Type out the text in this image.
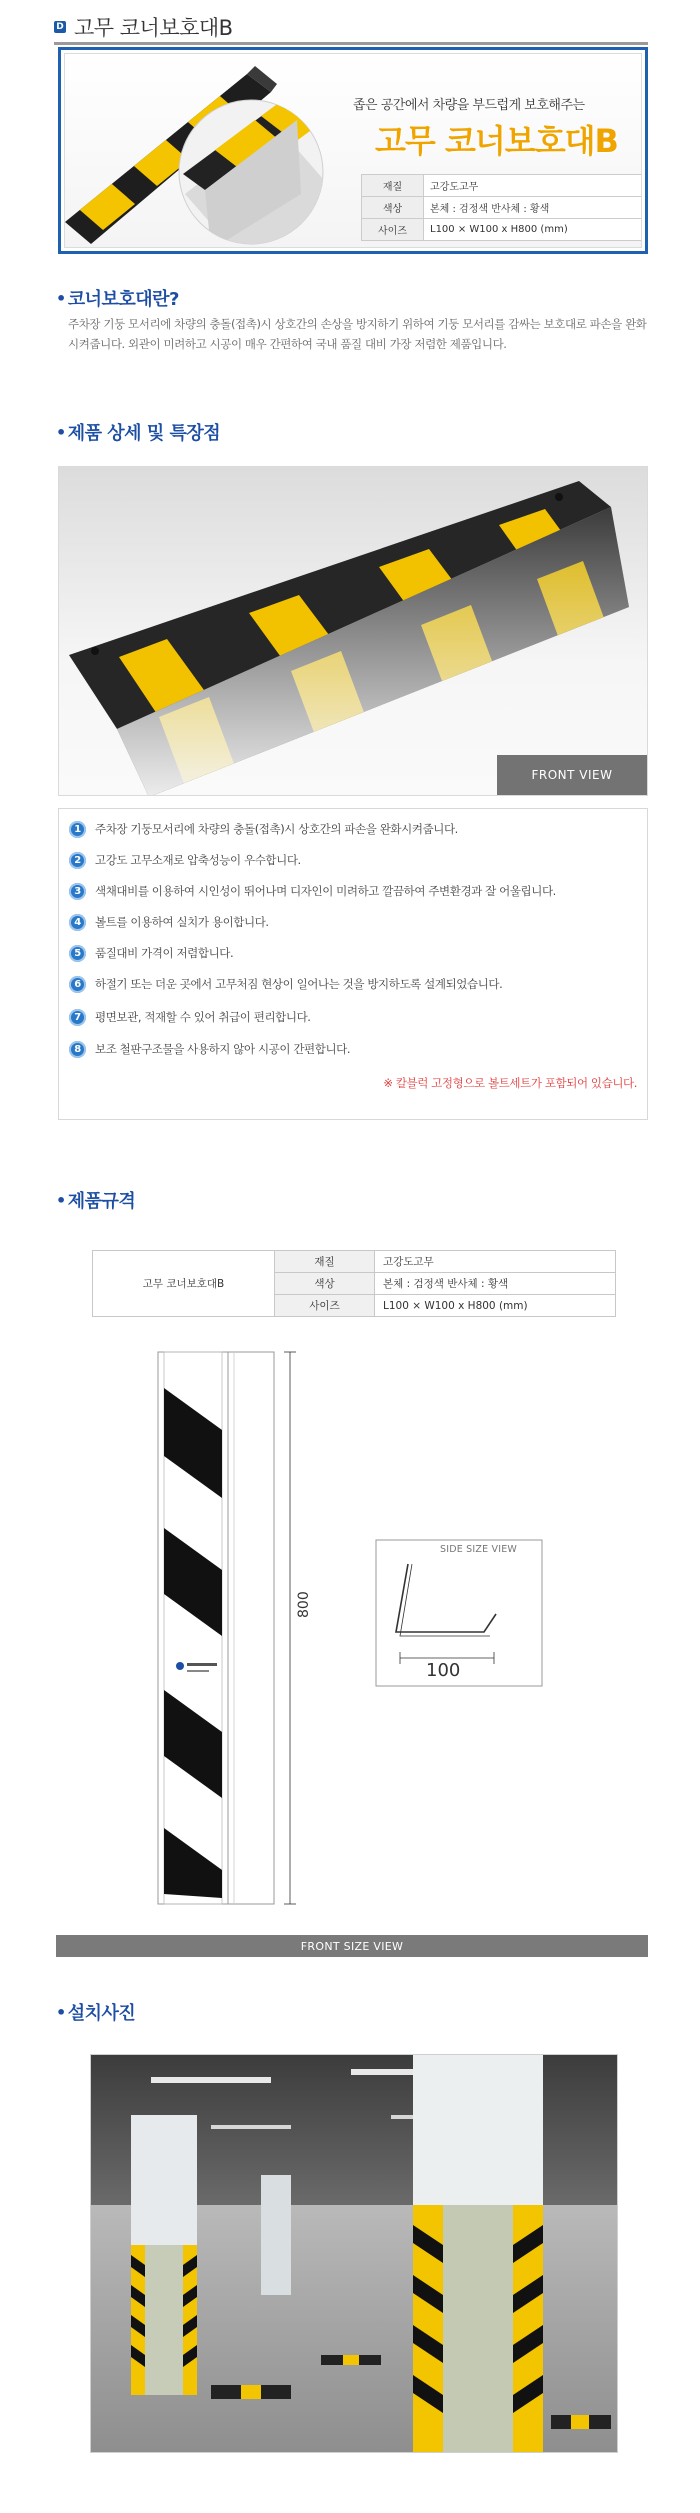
D 고무 코너보호대B
좁은 공간에서 차량을 부드럽게 보호해주는
고무 코너보호대B
재질	고강도고무
색상	본체 : 검정색 반사체 : 황색
사이즈	L100 × W100 x H800 (mm)
• 코너보호대란?
주차장 기둥 모서리에 차량의 충돌(접촉)시 상호간의 손상을 방지하기 위하여 기둥 모서리를 감싸는 보호대로 파손을 완화시켜줍니다. 외관이 미려하고 시공이 매우 간편하여 국내 품질 대비 가장 저렴한 제품입니다.
• 제품 상세 및 특장점
FRONT VIEW
1	주차장 기둥모서리에 차량의 충돌(접촉)시 상호간의 파손을 완화시켜줍니다.
2	고강도 고무소재로 압축성능이 우수합니다.
3	색채대비를 이용하여 시인성이 뛰어나며 디자인이 미려하고 깔끔하여 주변환경과 잘 어울립니다.
4	볼트를 이용하여 실치가 용이합니다.
5	품질대비 가격이 저렴합니다.
6	하절기 또는 더운 곳에서 고무처짐 현상이 일어나는 것을 방지하도록 설계되었습니다.
7	평면보관, 적재할 수 있어 취급이 편리합니다.
8	보조 철판구조물을 사용하지 않아 시공이 간편합니다.
※ 칼블럭 고정형으로 볼트세트가 포함되어 있습니다.
• 제품규격
고무 코너보호대B	재질	고강도고무
	색상	본체 : 검정색 반사체 : 황색
	사이즈	L100 × W100 x H800 (mm)
800
SIDE SIZE VIEW
100
FRONT SIZE VIEW
• 설치사진
